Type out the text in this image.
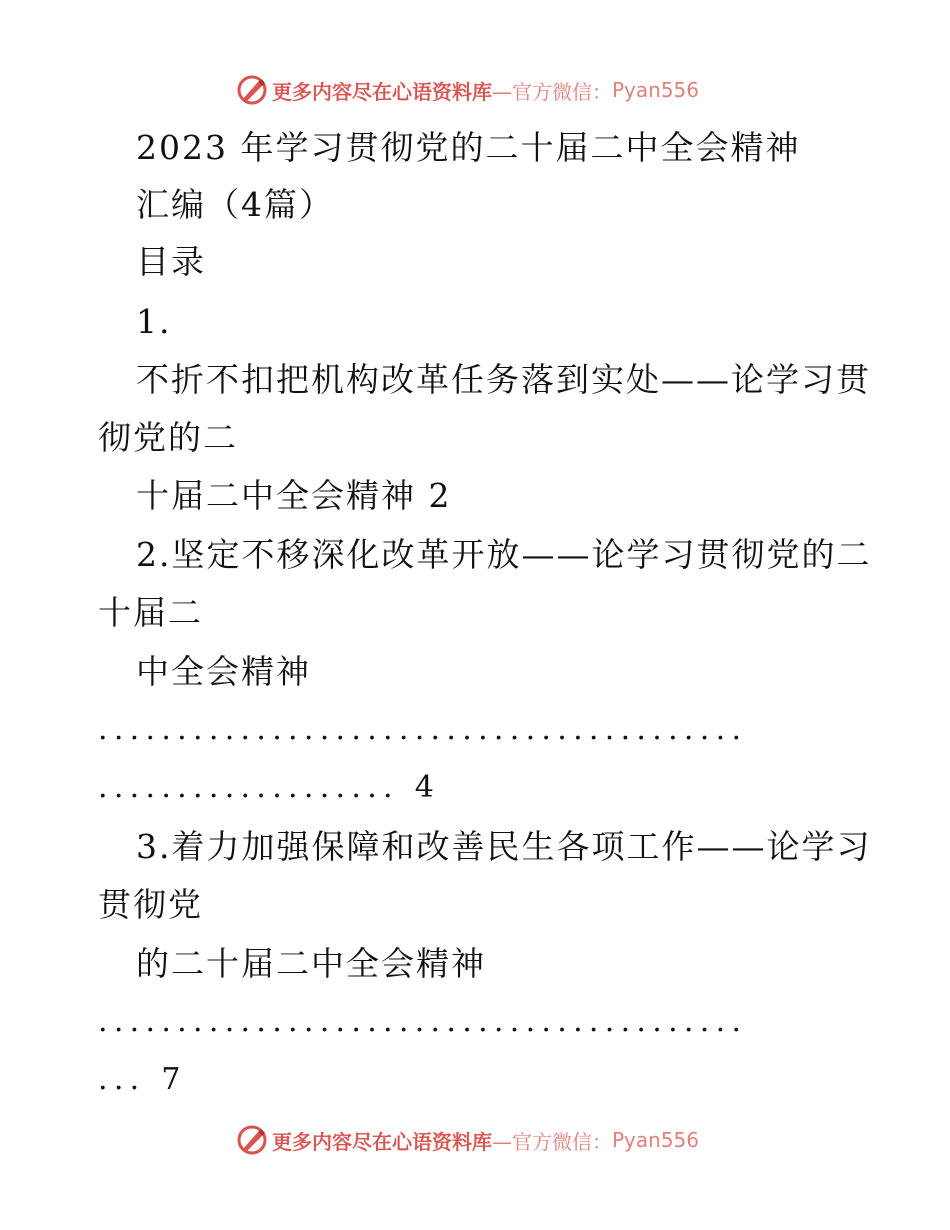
更多内容尽在心语资料库 —官方微信： Pyan556
2023 年学习贯彻党的二十届二中全会精神
汇编（4篇）
目录
1.
不折不扣把机构改革任务落到实处——论学习贯
彻党的二
十届二中全会精神 2
2.坚定不移深化改革开放——论学习贯彻党的二
十届二
中全会精神
.........................................
................... 4
3.着力加强保障和改善民生各项工作——论学习
贯彻党
的二十届二中全会精神
.........................................
... 7
更多内容尽在心语资料库 —官方微信： Pyan556
